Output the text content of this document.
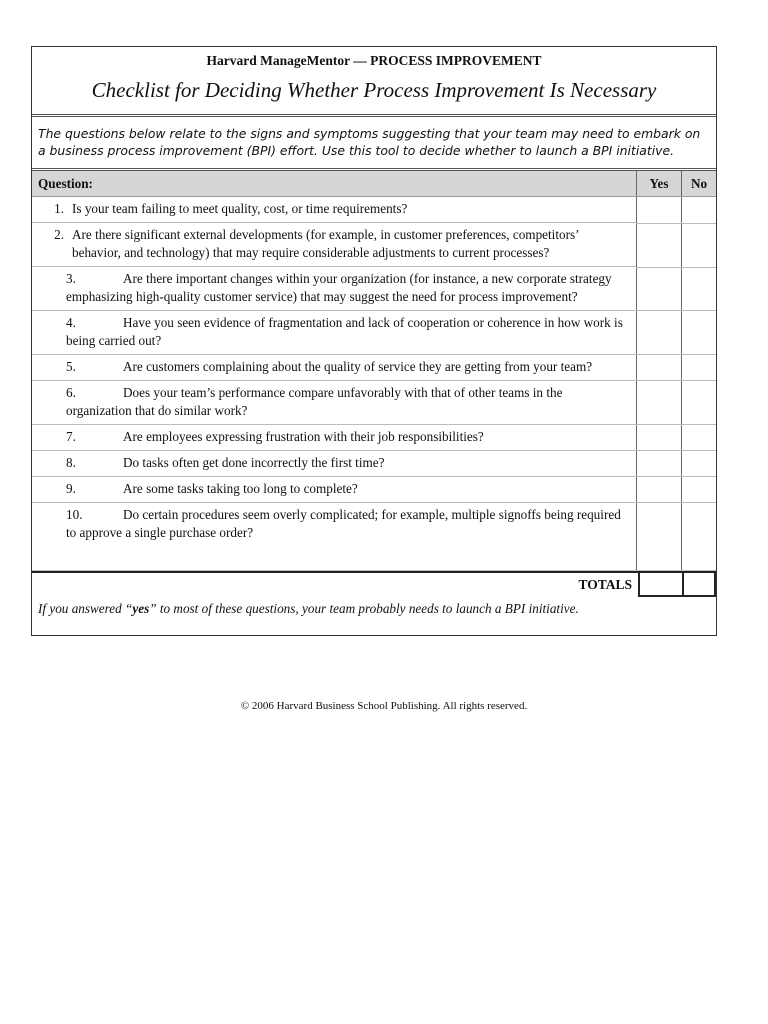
Harvard ManageMentor — PROCESS IMPROVEMENT
Checklist for Deciding Whether Process Improvement Is Necessary
The questions below relate to the signs and symptoms suggesting that your team may need to embark on a business process improvement (BPI) effort. Use this tool to decide whether to launch a BPI initiative.
Question:	Yes	No

1. Is your team failing to meet quality, cost, or time requirements?

2. Are there significant external developments (for example, in customer preferences, competitors’ behavior, and technology) that may require considerable adjustments to current processes?

3. Are there important changes within your organization (for instance, a new corporate strategy emphasizing high-quality customer service) that may suggest the need for process improvement?		
4. Have you seen evidence of fragmentation and lack of cooperation or coherence in how work is being carried out?		
5. Are customers complaining about the quality of service they are getting from your team?		
6. Does your team’s performance compare unfavorably with that of other teams in the organization that do similar work?		
7. Are employees expressing frustration with their job responsibilities?		
8. Do tasks often get done incorrectly the first time?		
9. Are some tasks taking too long to complete?		
10. Do certain procedures seem overly complicated; for example, multiple signoffs being required to approve a single purchase order?		
TOTALS
If you answered “yes” to most of these questions, your team probably needs to launch a BPI initiative.
© 2006 Harvard Business School Publishing. All rights reserved.
